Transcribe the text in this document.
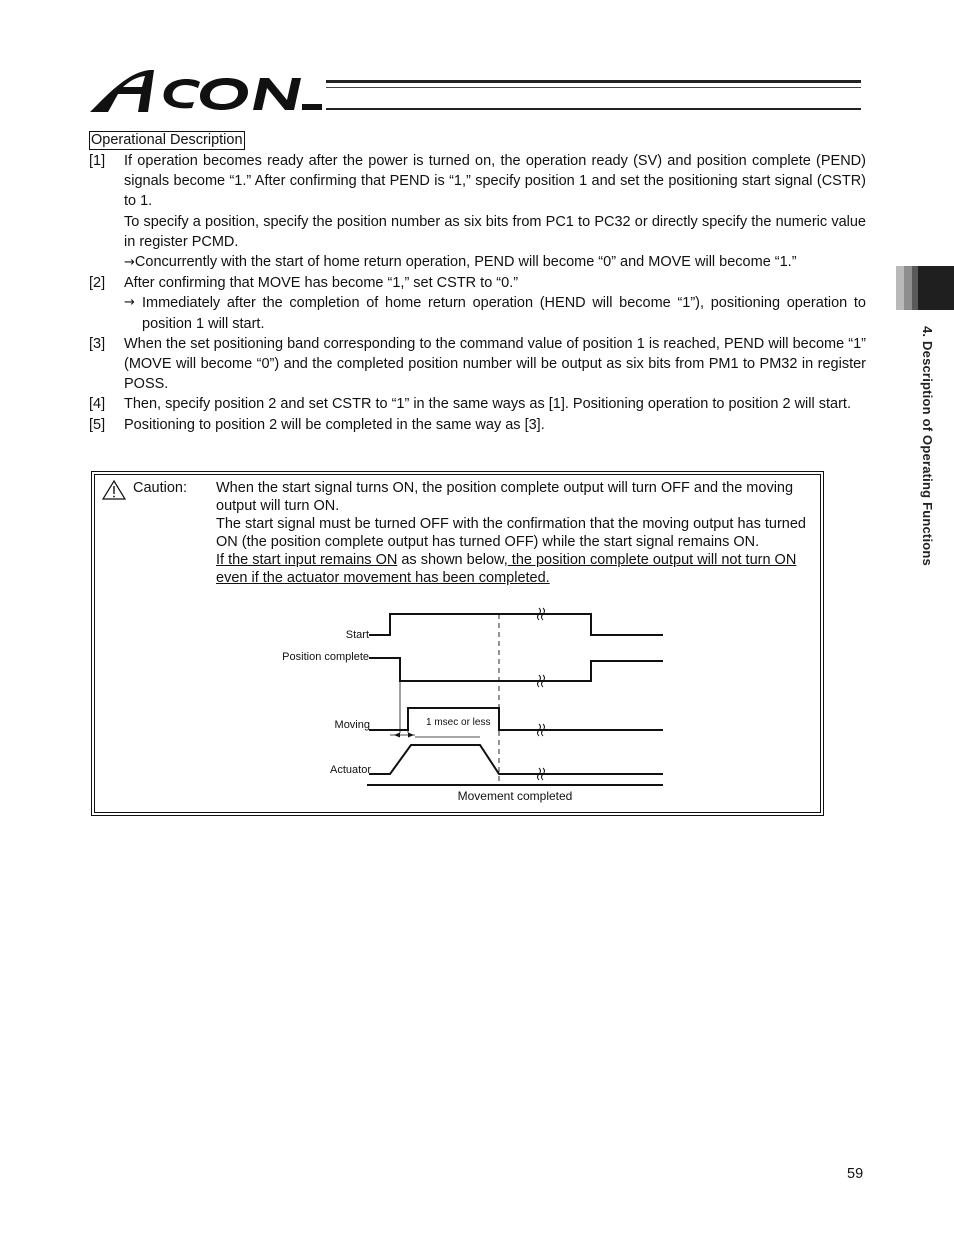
4. Description of Operating Functions
Operational Description
[1]	If operation becomes ready after the power is turned on, the operation ready (SV) and position complete (PEND) signals become “1.” After confirming that PEND is “1,” specify position 1 and set the positioning start signal (CSTR) to 1.
To specify a position, specify the position number as six bits from PC1 to PC32 or directly specify the numeric value in register PCMD.
→Concurrently with the start of home return operation, PEND will become “0” and MOVE will become “1.”
[2]	After confirming that MOVE has become “1,” set CSTR to “0.”
→ Immediately after the completion of home return operation (HEND will become “1”), positioning operation to position 1 will start.
[3]	When the set positioning band corresponding to the command value of position 1 is reached, PEND will become “1” (MOVE will become “0”) and the completed position number will be output as six bits from PM1 to PM32 in register POSS.
[4]	Then, specify position 2 and set CSTR to “1” in the same ways as [1]. Positioning operation to position 2 will start.
[5]	Positioning to position 2 will be completed in the same way as [3].
Caution: When the start signal turns ON, the position complete output will turn OFF and the moving output will turn ON.
The start signal must be turned OFF with the confirmation that the moving output has turned ON (the position complete output has turned OFF) while the start signal remains ON.
If the start input remains ON as shown below, the position complete output will not turn ON even if the actuator movement has been completed.
Start
Position complete
Moving
Actuator
1 msec or less
Movement completed
59
